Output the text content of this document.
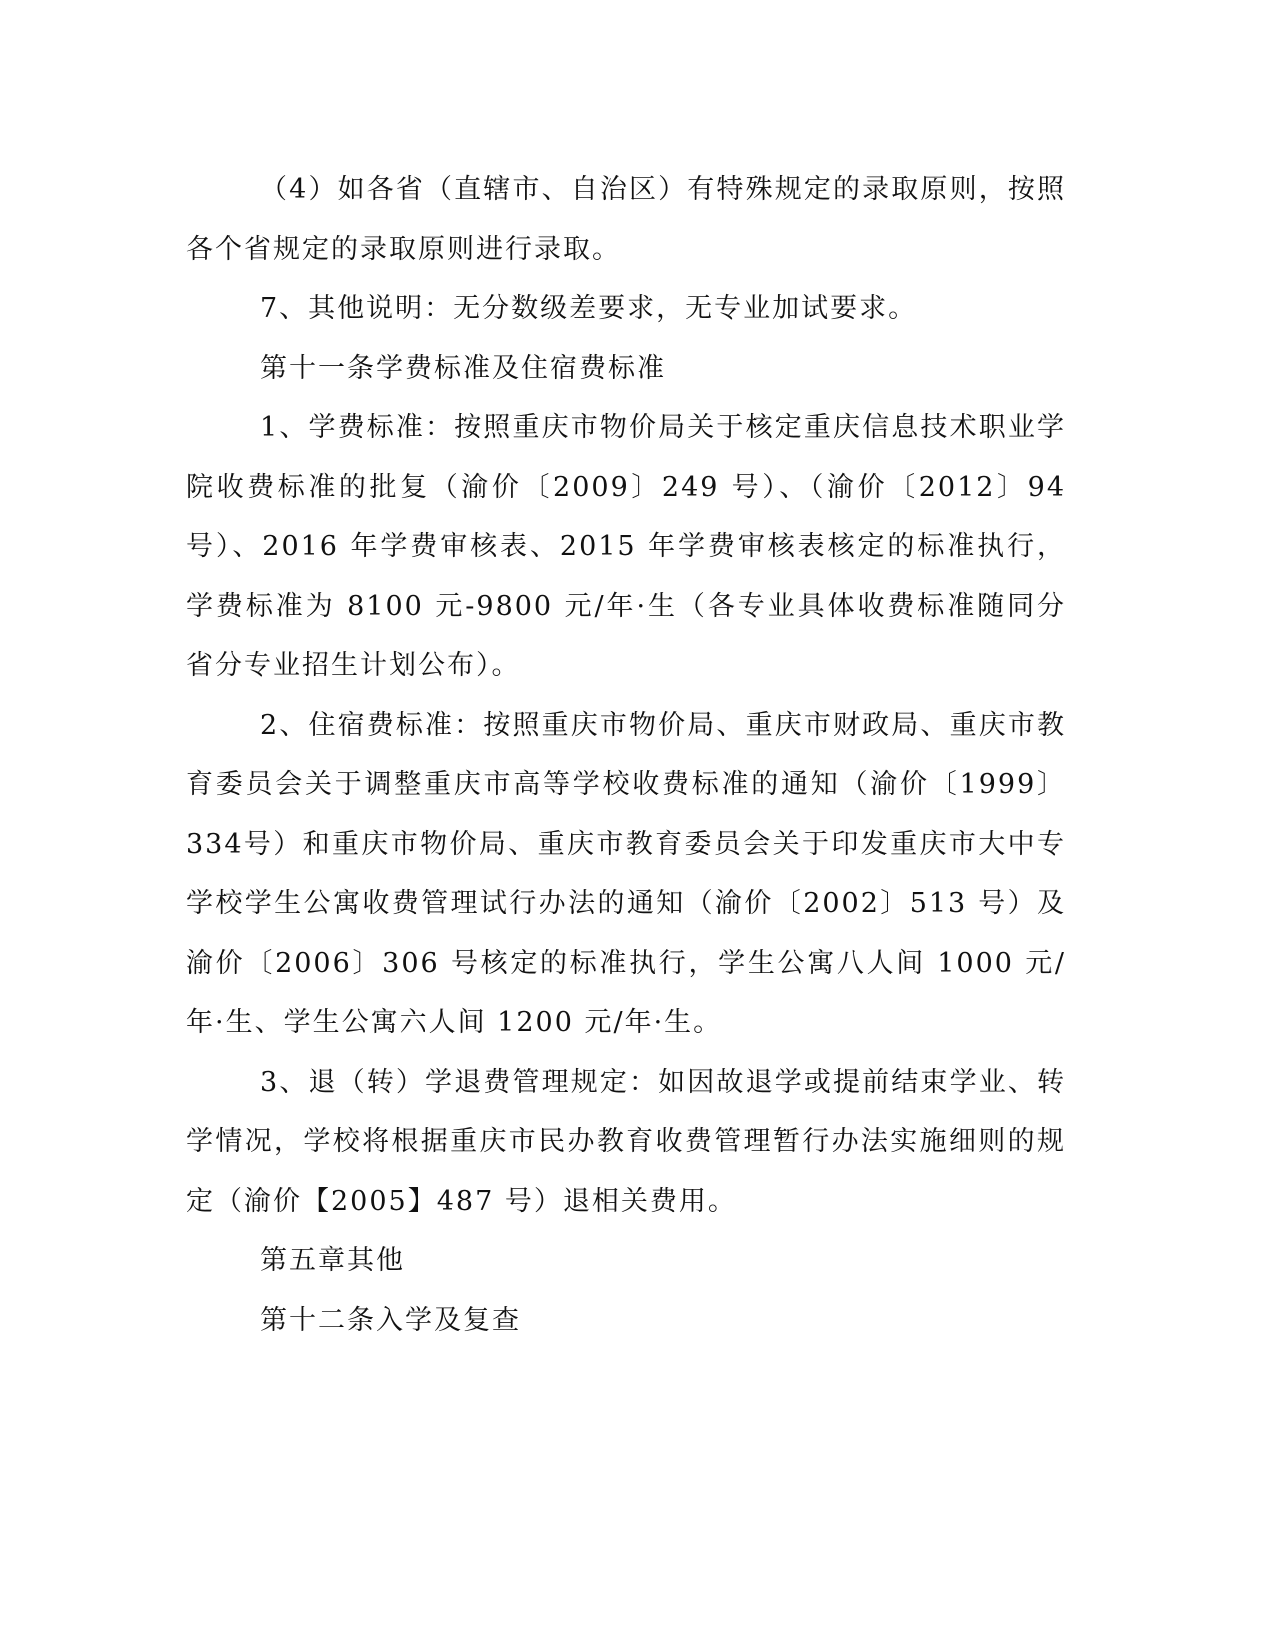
（4）如各省（直辖市、自治区）有特殊规定的录取原则，按照各个省规定的录取原则进行录取。
7、其他说明：无分数级差要求，无专业加试要求。
第十一条学费标准及住宿费标准
1、学费标准：按照重庆市物价局关于核定重庆信息技术职业学院收费标准的批复（渝价〔2009〕249 号）、（渝价〔2012〕94 号）、2016 年学费审核表、2015 年学费审核表核定的标准执行，学费标准为 8100 元-9800 元/年·生（各专业具体收费标准随同分省分专业招生计划公布）。
2、住宿费标准：按照重庆市物价局、重庆市财政局、重庆市教育委员会关于调整重庆市高等学校收费标准的通知（渝价〔1999〕334号）和重庆市物价局、重庆市教育委员会关于印发重庆市大中专学校学生公寓收费管理试行办法的通知（渝价〔2002〕513 号）及渝价〔2006〕306 号核定的标准执行，学生公寓八人间 1000 元/年·生、学生公寓六人间 1200 元/年·生。
3、退（转）学退费管理规定：如因故退学或提前结束学业、转学情况，学校将根据重庆市民办教育收费管理暂行办法实施细则的规定（渝价【2005】487 号）退相关费用。
第五章其他
第十二条入学及复查
